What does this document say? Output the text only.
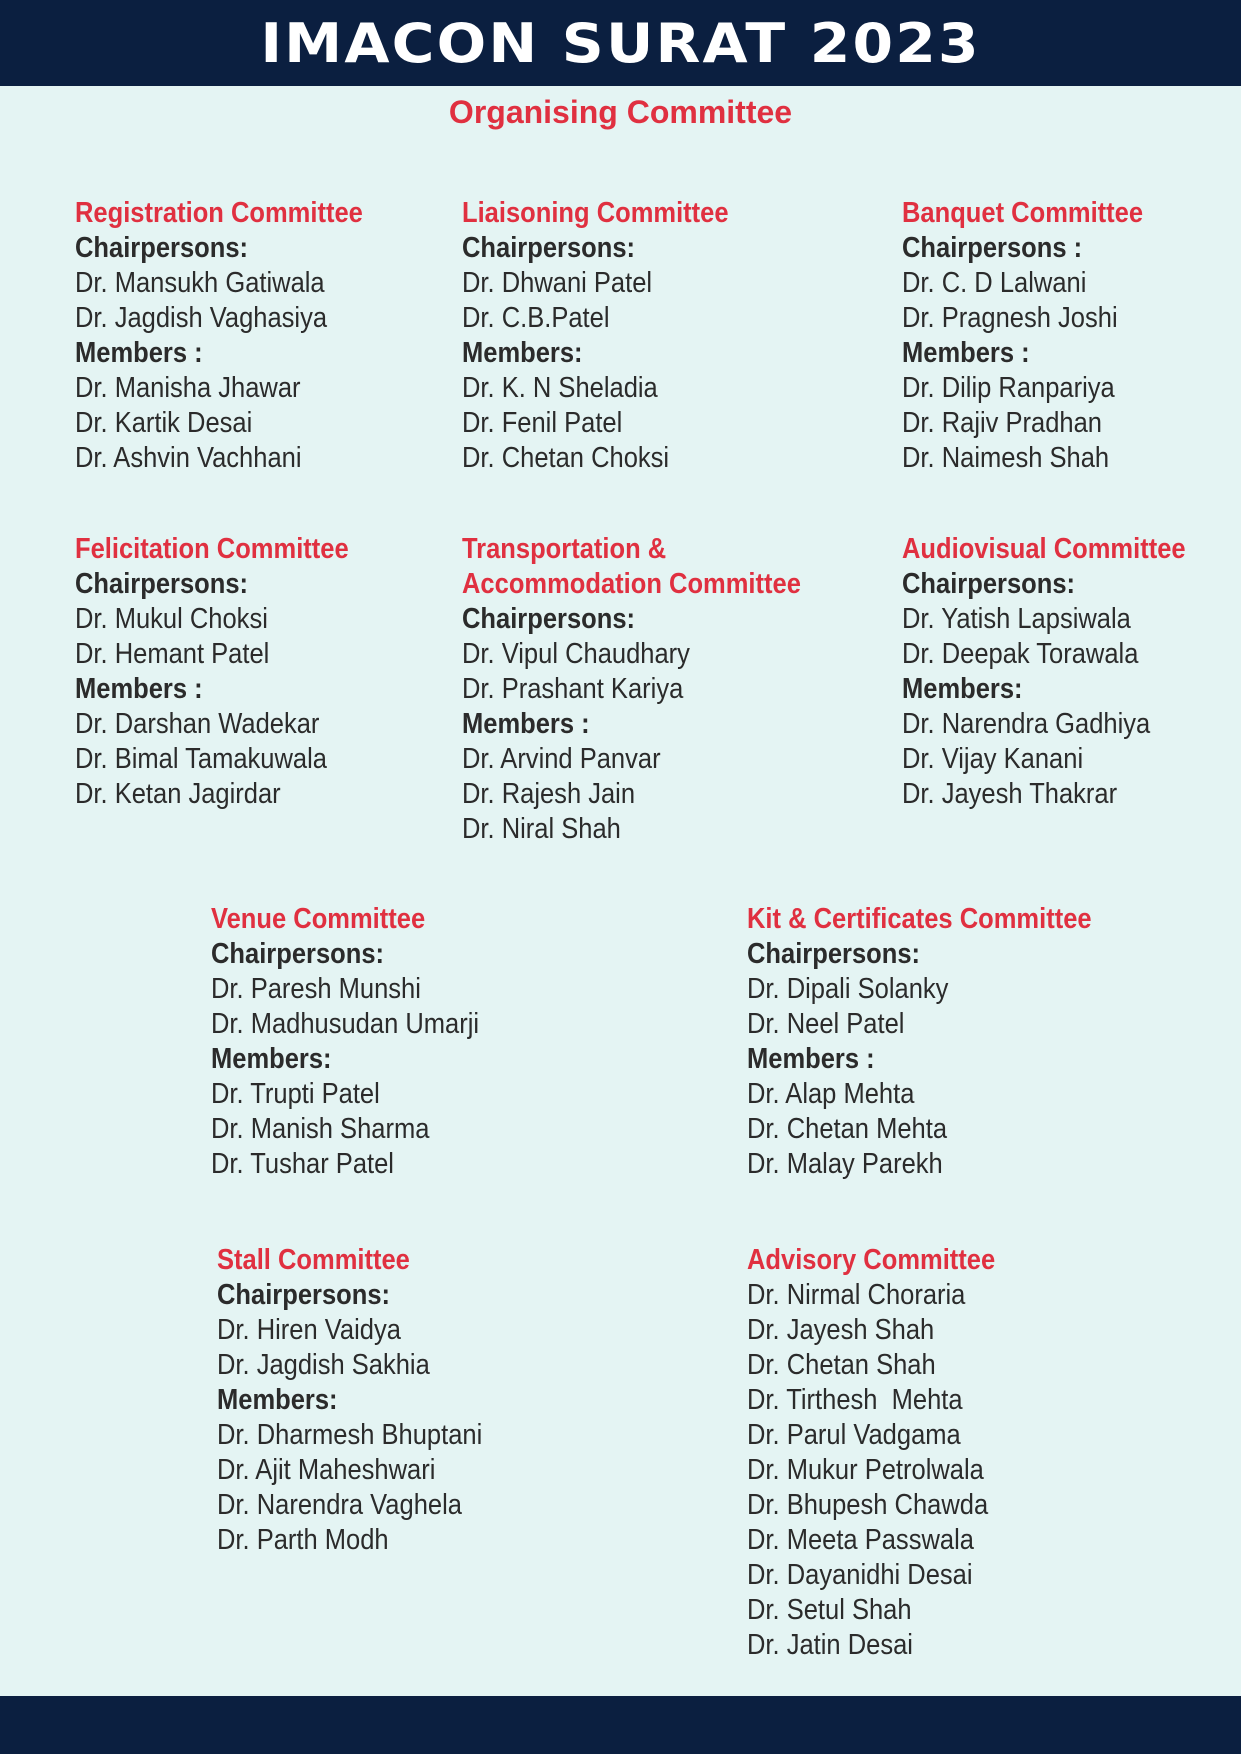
IMACON SURAT 2023
Organising Committee
Registration Committee
Chairpersons:
Dr. Mansukh Gatiwala
Dr. Jagdish Vaghasiya
Members :
Dr. Manisha Jhawar
Dr. Kartik Desai
Dr. Ashvin Vachhani
Liaisoning Committee
Chairpersons:
Dr. Dhwani Patel
Dr. C.B.Patel
Members:
Dr. K. N Sheladia
Dr. Fenil Patel
Dr. Chetan Choksi
Banquet Committee
Chairpersons :
Dr. C. D Lalwani
Dr. Pragnesh Joshi
Members :
Dr. Dilip Ranpariya
Dr. Rajiv Pradhan
Dr. Naimesh Shah
Felicitation Committee
Chairpersons:
Dr. Mukul Choksi
Dr. Hemant Patel
Members :
Dr. Darshan Wadekar
Dr. Bimal Tamakuwala
Dr. Ketan Jagirdar
Transportation &
Accommodation Committee
Chairpersons:
Dr. Vipul Chaudhary
Dr. Prashant Kariya
Members :
Dr. Arvind Panvar
Dr. Rajesh Jain
Dr. Niral Shah
Audiovisual Committee
Chairpersons:
Dr. Yatish Lapsiwala
Dr. Deepak Torawala
Members:
Dr. Narendra Gadhiya
Dr. Vijay Kanani
Dr. Jayesh Thakrar
Venue Committee
Chairpersons:
Dr. Paresh Munshi
Dr. Madhusudan Umarji
Members:
Dr. Trupti Patel
Dr. Manish Sharma
Dr. Tushar Patel
Kit & Certificates Committee
Chairpersons:
Dr. Dipali Solanky
Dr. Neel Patel
Members :
Dr. Alap Mehta
Dr. Chetan Mehta
Dr. Malay Parekh
Stall Committee
Chairpersons:
Dr. Hiren Vaidya
Dr. Jagdish Sakhia
Members:
Dr. Dharmesh Bhuptani
Dr. Ajit Maheshwari
Dr. Narendra Vaghela
Dr. Parth Modh
Advisory Committee
Dr. Nirmal Choraria
Dr. Jayesh Shah
Dr. Chetan Shah
Dr. Tirthesh  Mehta
Dr. Parul Vadgama
Dr. Mukur Petrolwala
Dr. Bhupesh Chawda
Dr. Meeta Passwala
Dr. Dayanidhi Desai
Dr. Setul Shah
Dr. Jatin Desai
